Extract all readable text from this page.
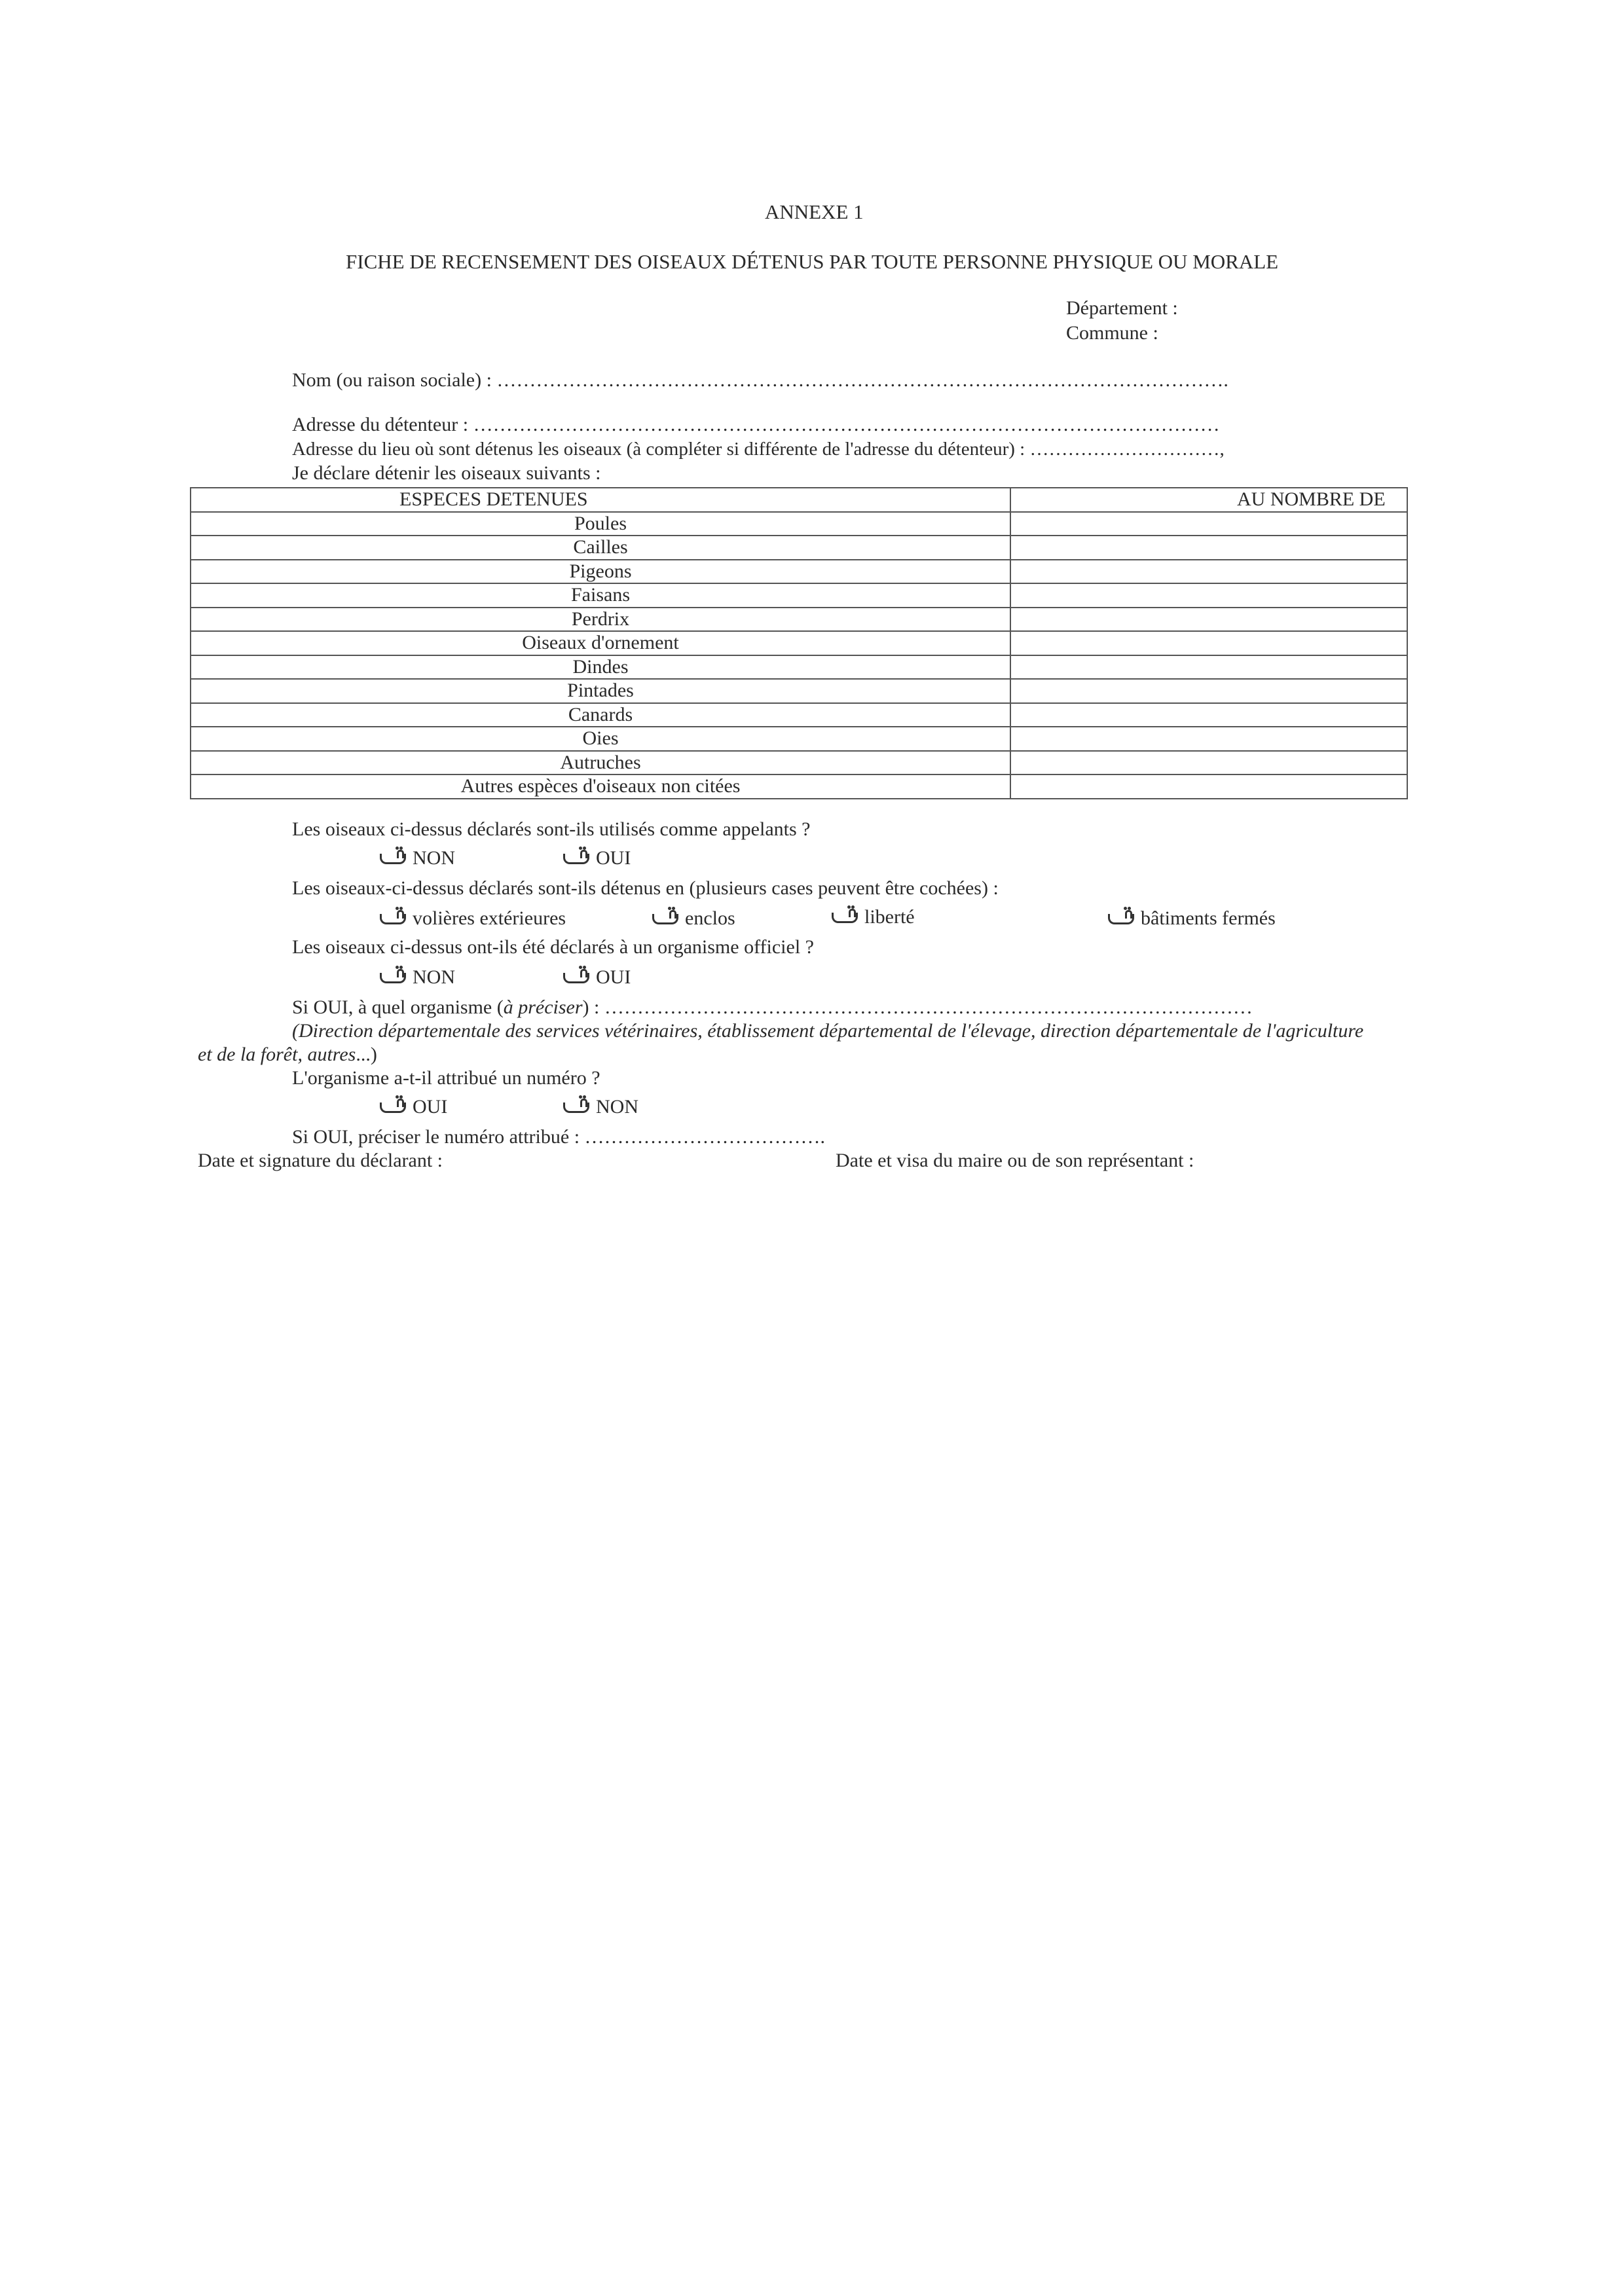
ANNEXE 1
FICHE DE RECENSEMENT DES OISEAUX DÉTENUS PAR TOUTE PERSONNE PHYSIQUE OU MORALE
Département :
Commune :
Nom (ou raison sociale) : ………………………………………………………………………………………………….
Adresse du détenteur : ……………………………………………………………………………………………………
Adresse du lieu où sont détenus les oiseaux (à compléter si différente de l'adresse du détenteur) : …………………………,
Je déclare détenir les oiseaux suivants :
ESPECES DETENUES	AU NOMBRE DE
Poules	
Cailles	
Pigeons	
Faisans	
Perdrix	
Oiseaux d'ornement	
Dindes	
Pintades	
Canards	
Oies	
Autruches	
Autres espèces d'oiseaux non citées	
Les oiseaux ci-dessus déclarés sont-ils utilisés comme appelants ?
NON	OUI
Les oiseaux-ci-dessus déclarés sont-ils détenus en (plusieurs cases peuvent être cochées) :
volières extérieures	enclos	liberté	bâtiments fermés
Les oiseaux ci-dessus ont-ils été déclarés à un organisme officiel ?
NON	OUI
Si OUI, à quel organisme (à préciser) : ………………………………………………………………………………………
(Direction départementale des services vétérinaires, établissement départemental de l'élevage, direction départementale de l'agriculture
et de la forêt, autres...)
L'organisme a-t-il attribué un numéro ?
OUI	NON
Si OUI, préciser le numéro attribué : ……………………………….
Date et signature du déclarant :	Date et visa du maire ou de son représentant :
